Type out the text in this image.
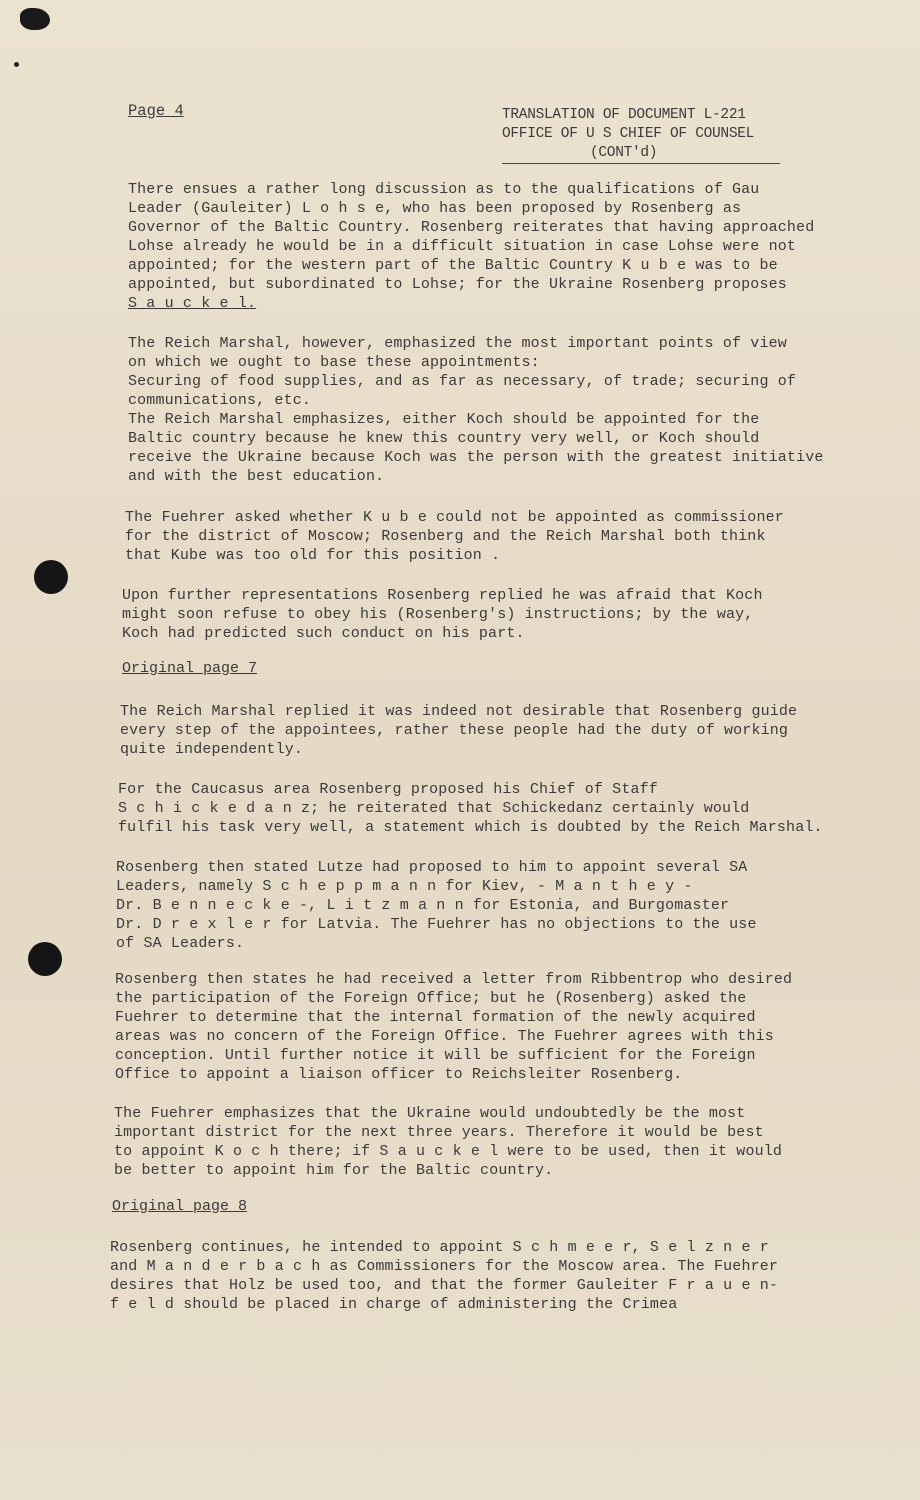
Page 4	TRANSLATION OF DOCUMENT L-221
OFFICE OF U S CHIEF OF COUNSEL
(CONT'd)
There ensues a rather long discussion as to the qualifications of Gau
Leader (Gauleiter) L o h s e, who has been proposed by Rosenberg as
Governor of the Baltic Country. Rosenberg reiterates that having approached
Lohse already he would be in a difficult situation in case Lohse were not
appointed; for the western part of the Baltic Country K u b e was to be
appointed, but subordinated to Lohse; for the Ukraine Rosenberg proposes
S a u c k e l.
The Reich Marshal, however, emphasized the most important points of view
on which we ought to base these appointments:
Securing of food supplies, and as far as necessary, of trade; securing of
communications, etc.
The Reich Marshal emphasizes, either Koch should be appointed for the
Baltic country because he knew this country very well, or Koch should
receive the Ukraine because Koch was the person with the greatest initiative
and with the best education.
The Fuehrer asked whether K u b e could not be appointed as commissioner
for the district of Moscow; Rosenberg and the Reich Marshal both think
that Kube was too old for this position .
Upon further representations Rosenberg replied he was afraid that Koch
might soon refuse to obey his (Rosenberg's) instructions; by the way,
Koch had predicted such conduct on his part.
Original page 7
The Reich Marshal replied it was indeed not desirable that Rosenberg guide
every step of the appointees, rather these people had the duty of working
quite independently.
For the Caucasus area Rosenberg proposed his Chief of Staff
S c h i c k e d a n z; he reiterated that Schickedanz certainly would
fulfil his task very well, a statement which is doubted by the Reich Marshal.
Rosenberg then stated Lutze had proposed to him to appoint several SA
Leaders, namely S c h e p p m a n n for Kiev, - M a n t h e y -
Dr. B e n n e c k e -, L i t z m a n n for Estonia, and Burgomaster
Dr. D r e x l e r for Latvia. The Fuehrer has no objections to the use
of SA Leaders.
Rosenberg then states he had received a letter from Ribbentrop who desired
the participation of the Foreign Office; but he (Rosenberg) asked the
Fuehrer to determine that the internal formation of the newly acquired
areas was no concern of the Foreign Office. The Fuehrer agrees with this
conception. Until further notice it will be sufficient for the Foreign
Office to appoint a liaison officer to Reichsleiter Rosenberg.
The Fuehrer emphasizes that the Ukraine would undoubtedly be the most
important district for the next three years. Therefore it would be best
to appoint K o c h there; if S a u c k e l were to be used, then it would
be better to appoint him for the Baltic country.
Original page 8
Rosenberg continues, he intended to appoint S c h m e e r, S e l z n e r
and M a n d e r b a c h as Commissioners for the Moscow area. The Fuehrer
desires that Holz be used too, and that the former Gauleiter F r a u e n-
f e l d should be placed in charge of administering the Crimea
